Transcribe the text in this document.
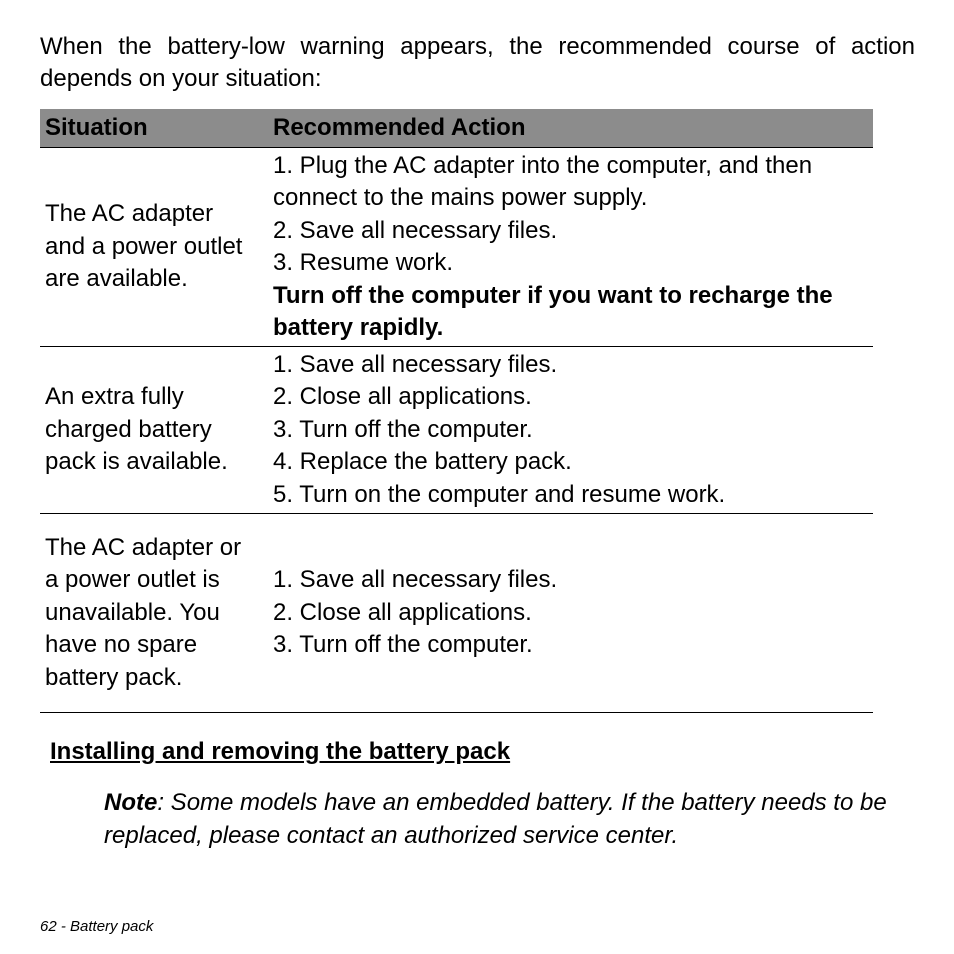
When the battery-low warning appears, the recommended course of action depends on your situation:

Situation	Recommended Action
The AC adapter and a power outlet are available.	1. Plug the AC adapter into the computer, and then connect to the mains power supply.
2. Save all necessary files.
3. Resume work.
Turn off the computer if you want to recharge the battery rapidly.

An extra fully charged battery pack is available.	1. Save all necessary files.
2. Close all applications.
3. Turn off the computer.
4. Replace the battery pack.
5. Turn on the computer and resume work.

The AC adapter or a power outlet is unavailable. You have no spare battery pack.	1. Save all necessary files.
2. Close all applications.
3. Turn off the computer.
Installing and removing the battery pack

Note: Some models have an embedded battery. If the battery needs to be replaced, please contact an authorized service center.

62 - Battery pack
